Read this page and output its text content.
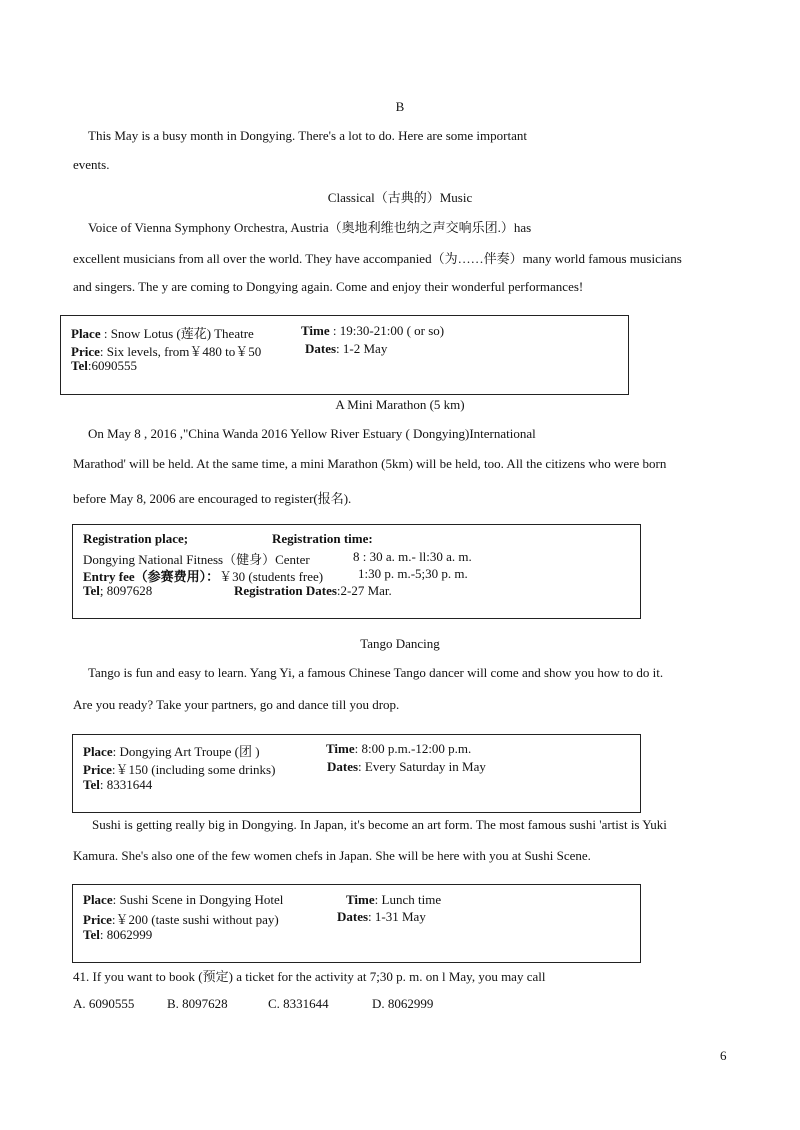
B
This May is a busy month in Dongying. There's a lot to do. Here are some important
events.
Classical（古典的）Music
Voice of Vienna Symphony Orchestra, Austria（奥地利维也纳之声交响乐团.）has
excellent musicians from all over the world. They have accompanied（为……伴奏）many world famous musicians
and singers. The y are coming to Dongying again. Come and enjoy their wonderful performances!
Place : Snow Lotus (莲花) Theatre	Time : 19:30-21:00 ( or so)
Price: Six levels, from￥480 to￥50	Dates: 1-2 May
Tel:6090555
A Mini Marathon (5 km)
On May 8 , 2016 ,"China Wanda 2016 Yellow River Estuary ( Dongying)International
Marathod' will be held. At the same time, a mini Marathon (5km) will be held, too. All the citizens who were born
before May 8, 2006 are encouraged to register(报名).
Registration place;	Registration time:
Dongying National Fitness（健身）Center	8 : 30 a. m.- ll:30 a. m.
Entry fee（参赛费用）：￥30 (students free)	1:30 p. m.-5;30 p. m.
Tel; 8097628	Registration Dates:2-27 Mar.
Tango Dancing
Tango is fun and easy to learn. Yang Yi, a famous Chinese Tango dancer will come and show you how to do it.
Are you ready? Take your partners, go and dance till you drop.
Place: Dongying Art Troupe (团 )	Time: 8:00 p.m.-12:00 p.m.
Price:￥150 (including some drinks)	Dates: Every Saturday in May
Tel: 8331644
Sushi is getting really big in Dongying. In Japan, it's become an art form. The most famous sushi 'artist is Yuki
Kamura. She's also one of the few women chefs in Japan. She will be here with you at Sushi Scene.
Place: Sushi Scene in Dongying Hotel	Time: Lunch time
Price:￥200 (taste sushi without pay)	Dates: 1-31 May
Tel: 8062999
41. If you want to book (预定) a ticket for the activity at 7;30 p. m. on l May, you may call
A. 6090555	B. 8097628	C. 8331644	D. 8062999
6
